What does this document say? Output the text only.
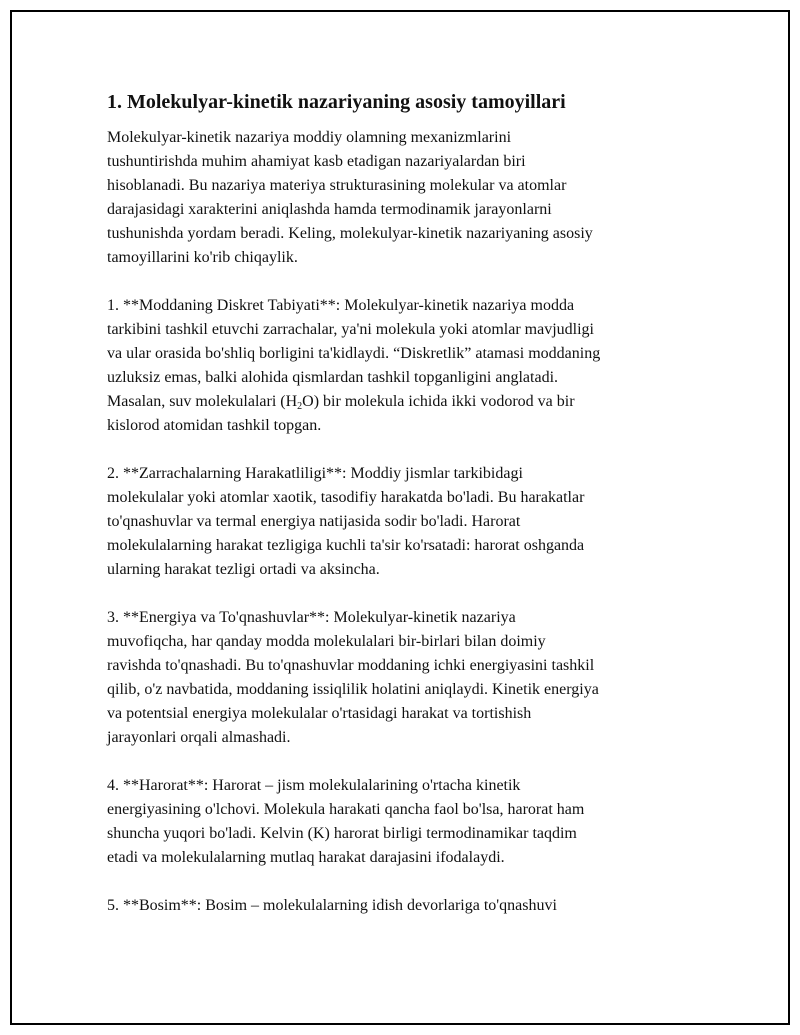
1. Molekulyar-kinetik nazariyaning asosiy tamoyillari

Molekulyar-kinetik nazariya moddiy olamning mexanizmlarini
tushuntirishda muhim ahamiyat kasb etadigan nazariyalardan biri
hisoblanadi. Bu nazariya materiya strukturasining molekular va atomlar
darajasidagi xarakterini aniqlashda hamda termodinamik jarayonlarni
tushunishda yordam beradi. Keling, molekulyar-kinetik nazariyaning asosiy
tamoyillarini ko'rib chiqaylik.

1. **Moddaning Diskret Tabiyati**: Molekulyar-kinetik nazariya modda
tarkibini tashkil etuvchi zarrachalar, ya'ni molekula yoki atomlar mavjudligi
va ular orasida bo'shliq borligini ta'kidlaydi. “Diskretlik” atamasi moddaning
uzluksiz emas, balki alohida qismlardan tashkil topganligini anglatadi.
Masalan, suv molekulalari $(H_2O)$ bir molekula ichida ikki vodorod va bir
kislorod atomidan tashkil topgan.

2. **Zarrachalarning Harakatliligi**: Moddiy jismlar tarkibidagi
molekulalar yoki atomlar xaotik, tasodifiy harakatda bo'ladi. Bu harakatlar
to'qnashuvlar va termal energiya natijasida sodir bo'ladi. Harorat
molekulalarning harakat tezligiga kuchli ta'sir ko'rsatadi: harorat oshganda
ularning harakat tezligi ortadi va aksincha.

3. **Energiya va To'qnashuvlar**: Molekulyar-kinetik nazariya
muvofiqcha, har qanday modda molekulalari bir-birlari bilan doimiy
ravishda to'qnashadi. Bu to'qnashuvlar moddaning ichki energiyasini tashkil
qilib, o'z navbatida, moddaning issiqlilik holatini aniqlaydi. Kinetik energiya
va potentsial energiya molekulalar o'rtasidagi harakat va tortishish
jarayonlari orqali almashadi.

4. **Harorat**: Harorat – jism molekulalarining o'rtacha kinetik
energiyasining o'lchovi. Molekula harakati qancha faol bo'lsa, harorat ham
shuncha yuqori bo'ladi. Kelvin (K) harorat birligi termodinamikar taqdim
etadi va molekulalarning mutlaq harakat darajasini ifodalaydi.

5. **Bosim**: Bosim – molekulalarning idish devorlariga to'qnashuvi
